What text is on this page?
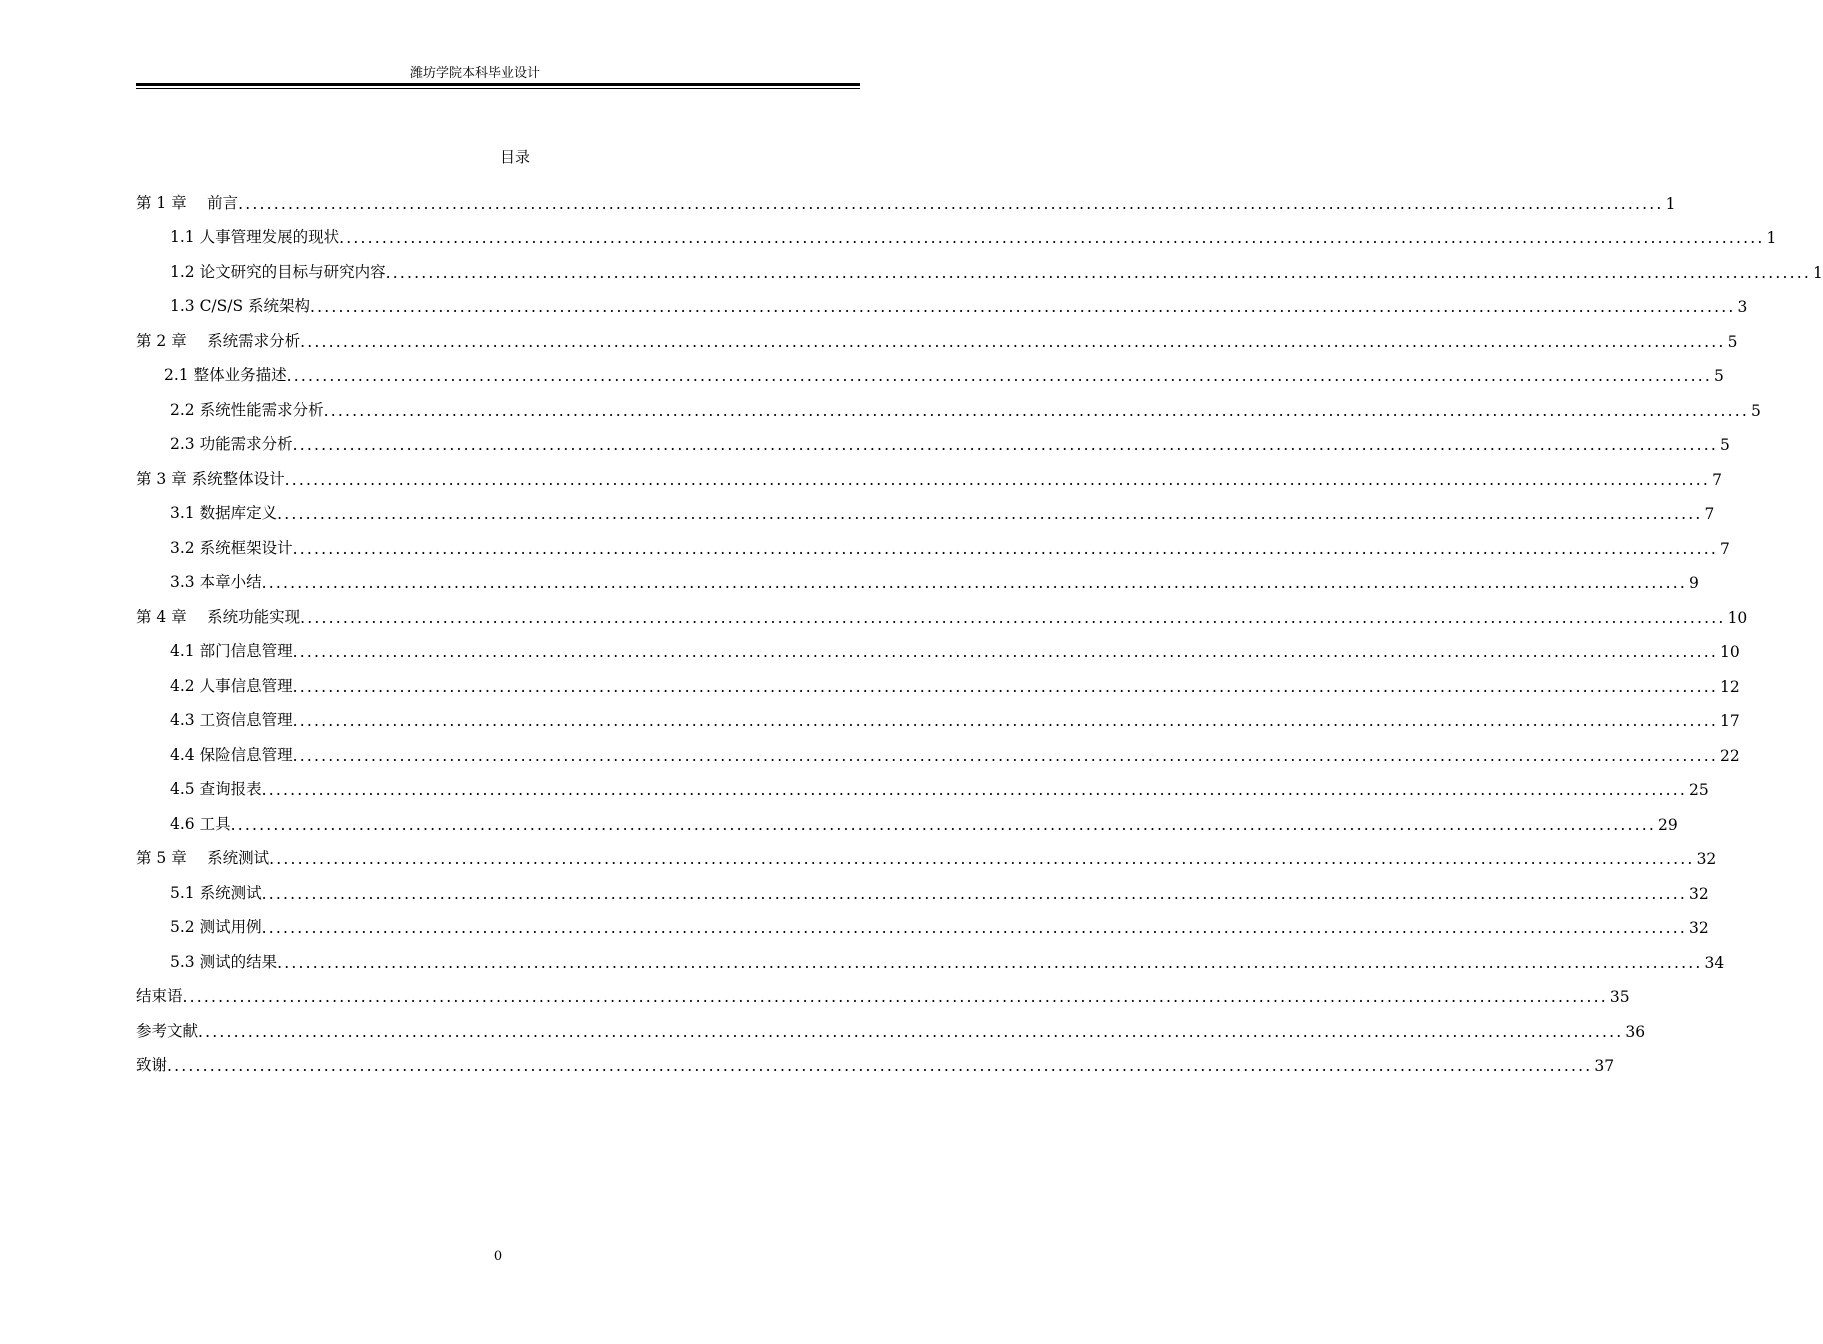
潍坊学院本科毕业设计
目录
第 1 章　 前言 ........................................................................................................................................................................................................ 1
1.1 人事管理发展的现状 ........................................................................................................................................................................................................ 1
1.2 论文研究的目标与研究内容 ........................................................................................................................................................................................................ 1
1.3 C/S/S 系统架构 ........................................................................................................................................................................................................ 3
第 2 章　 系统需求分析 ........................................................................................................................................................................................................ 5
2.1 整体业务描述 ........................................................................................................................................................................................................ 5
2.2 系统性能需求分析 ........................................................................................................................................................................................................ 5
2.3 功能需求分析 ........................................................................................................................................................................................................ 5
第 3 章 系统整体设计 ........................................................................................................................................................................................................ 7
3.1 数据库定义 ........................................................................................................................................................................................................ 7
3.2 系统框架设计 ........................................................................................................................................................................................................ 7
3.3 本章小结 ........................................................................................................................................................................................................ 9
第 4 章　 系统功能实现 ........................................................................................................................................................................................................ 10
4.1 部门信息管理 ........................................................................................................................................................................................................ 10
4.2 人事信息管理 ........................................................................................................................................................................................................ 12
4.3 工资信息管理 ........................................................................................................................................................................................................ 17
4.4 保险信息管理 ........................................................................................................................................................................................................ 22
4.5 查询报表 ........................................................................................................................................................................................................ 25
4.6 工具 ........................................................................................................................................................................................................ 29
第 5 章　 系统测试 ........................................................................................................................................................................................................ 32
5.1 系统测试 ........................................................................................................................................................................................................ 32
5.2 测试用例 ........................................................................................................................................................................................................ 32
5.3 测试的结果 ........................................................................................................................................................................................................ 34
结束语 ........................................................................................................................................................................................................ 35
参考文献 ........................................................................................................................................................................................................ 36
致谢 ........................................................................................................................................................................................................ 37
0
